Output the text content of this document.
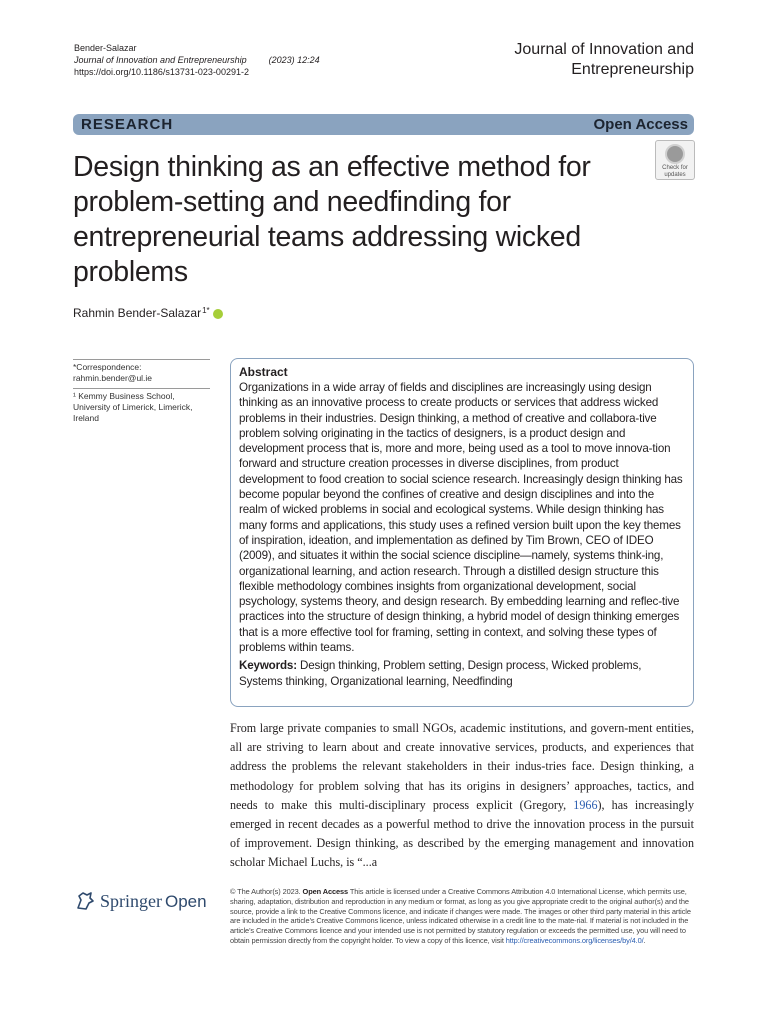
Bender-Salazar
Journal of Innovation and Entrepreneurship (2023) 12:24
https://doi.org/10.1186/s13731-023-00291-2
Journal of Innovation and
Entrepreneurship
RESEARCH	Open Access
Design thinking as an effective method for problem-setting and needfinding for entrepreneurial teams addressing wicked problems
Check for
updates
Rahmin Bender-Salazar$^{1*}$
*Correspondence:
rahmin.bender@ul.ie
¹ Kemmy Business School, University of Limerick, Limerick, Ireland
Abstract
Organizations in a wide array of fields and disciplines are increasingly using design thinking as an innovative process to create products or services that address wicked problems in their industries. Design thinking, a method of creative and collabora-tive problem solving originating in the tactics of designers, is a product design and development process that is, more and more, being used as a tool to move innova-tion forward and structure creation processes in diverse disciplines, from product development to food creation to social science research. Increasingly design thinking has become popular beyond the confines of creative and design disciplines and into the realm of wicked problems in social and ecological systems. While design thinking has many forms and applications, this study uses a refined version built upon the key themes of inspiration, ideation, and implementation as defined by Tim Brown, CEO of IDEO (2009), and situates it within the social science discipline—namely, systems think-ing, organizational learning, and action research. Through a distilled design structure this flexible methodology combines insights from organizational development, social psychology, systems theory, and design research. By embedding learning and reflec-tive practices into the structure of design thinking, a hybrid model of design thinking emerges that is a more effective tool for framing, setting in context, and solving these types of problems within teams.
Keywords: Design thinking, Problem setting, Design process, Wicked problems, Systems thinking, Organizational learning, Needfinding
From large private companies to small NGOs, academic institutions, and govern-ment entities, all are striving to learn about and create innovative services, products, and experiences that address the problems the relevant stakeholders in their indus-tries face. Design thinking, a methodology for problem solving that has its origins in designers’ approaches, tactics, and needs to make this multi-disciplinary process explicit (Gregory, 1966), has increasingly emerged in recent decades as a powerful method to drive the innovation process in the pursuit of improvement. Design thinking, as described by the emerging management and innovation scholar Michael Luchs, is “...a
Springer Open	© The Author(s) 2023. Open Access This article is licensed under a Creative Commons Attribution 4.0 International License, which permits use, sharing, adaptation, distribution and reproduction in any medium or format, as long as you give appropriate credit to the original author(s) and the source, provide a link to the Creative Commons licence, and indicate if changes were made. The images or other third party material in this article are included in the article’s Creative Commons licence, unless indicated otherwise in a credit line to the mate-rial. If material is not included in the article’s Creative Commons licence and your intended use is not permitted by statutory regulation or exceeds the permitted use, you will need to obtain permission directly from the copyright holder. To view a copy of this licence, visit http://creativecommons.org/licenses/by/4.0/.
